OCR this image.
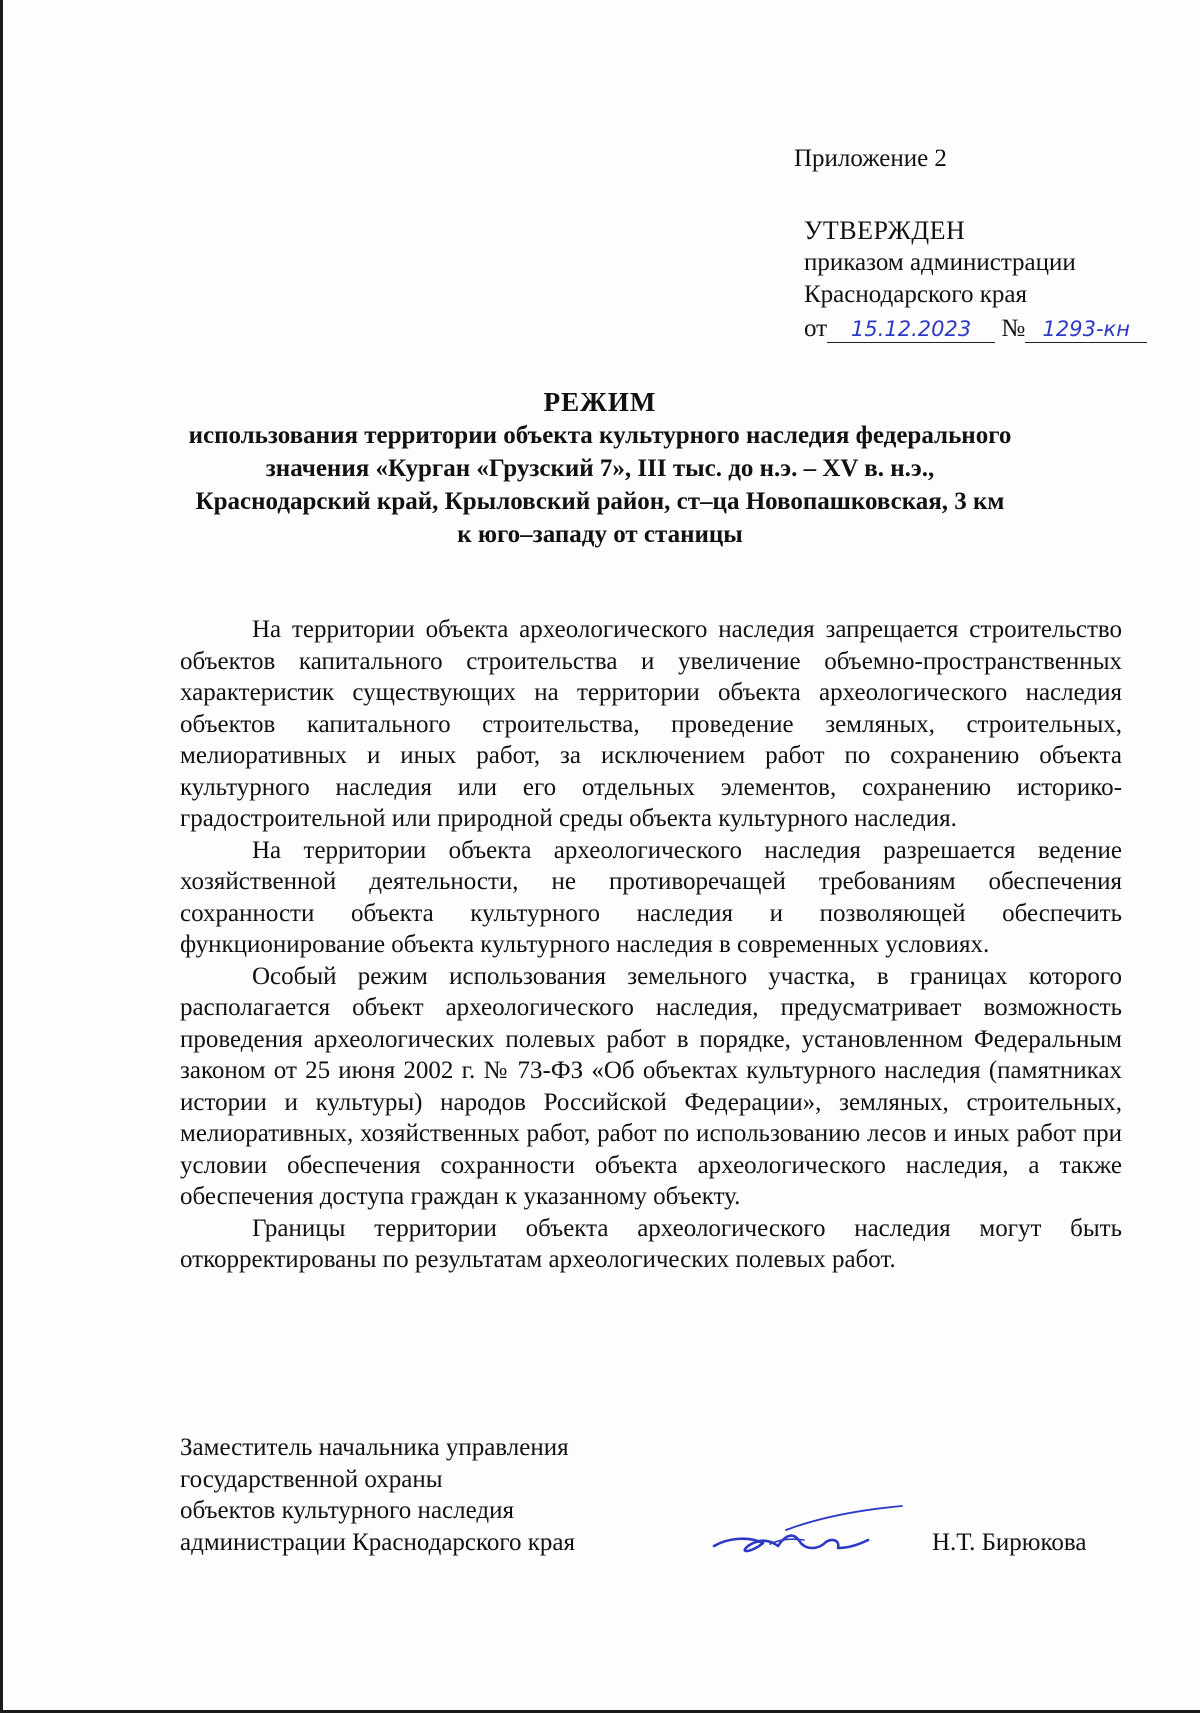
Приложение 2
УТВЕРЖДЕН
приказом администрации
Краснодарского края
от 15.12.2023 № 1293-кн
РЕЖИМ
использования территории объекта культурного наследия федерального
значения «Курган «Грузский 7», III тыс. до н.э. – XV в. н.э.,
Краснодарский край, Крыловский район, ст–ца Новопашковская, 3 км
к юго–западу от станицы

На территории объекта археологического наследия запрещается строительство объектов капитального строительства и увеличение объемно-пространственных характеристик существующих на территории объекта археологического наследия объектов капитального строительства, проведение земляных, строительных, мелиоративных и иных работ, за исключением работ по сохранению объекта культурного наследия или его отдельных элементов, сохранению историко-градостроительной или природной среды объекта культурного наследия.

На территории объекта археологического наследия разрешается ведение хозяйственной деятельности, не противоречащей требованиям обеспечения сохранности объекта культурного наследия и позволяющей обеспечить функционирование объекта культурного наследия в современных условиях.

Особый режим использования земельного участка, в границах которого располагается объект археологического наследия, предусматривает возможность проведения археологических полевых работ в порядке, установленном Федеральным законом от 25 июня 2002 г. № 73-ФЗ «Об объектах культурного наследия (памятниках истории и культуры) народов Российской Федерации», земляных, строительных, мелиоративных, хозяйственных работ, работ по использованию лесов и иных работ при условии обеспечения сохранности объекта археологического наследия, а также обеспечения доступа граждан к указанному объекту.

Границы территории объекта археологического наследия могут быть откорректированы по результатам археологических полевых работ.

Заместитель начальника управления
государственной охраны
объектов культурного наследия
администрации Краснодарского края	Н.Т. Бирюкова
